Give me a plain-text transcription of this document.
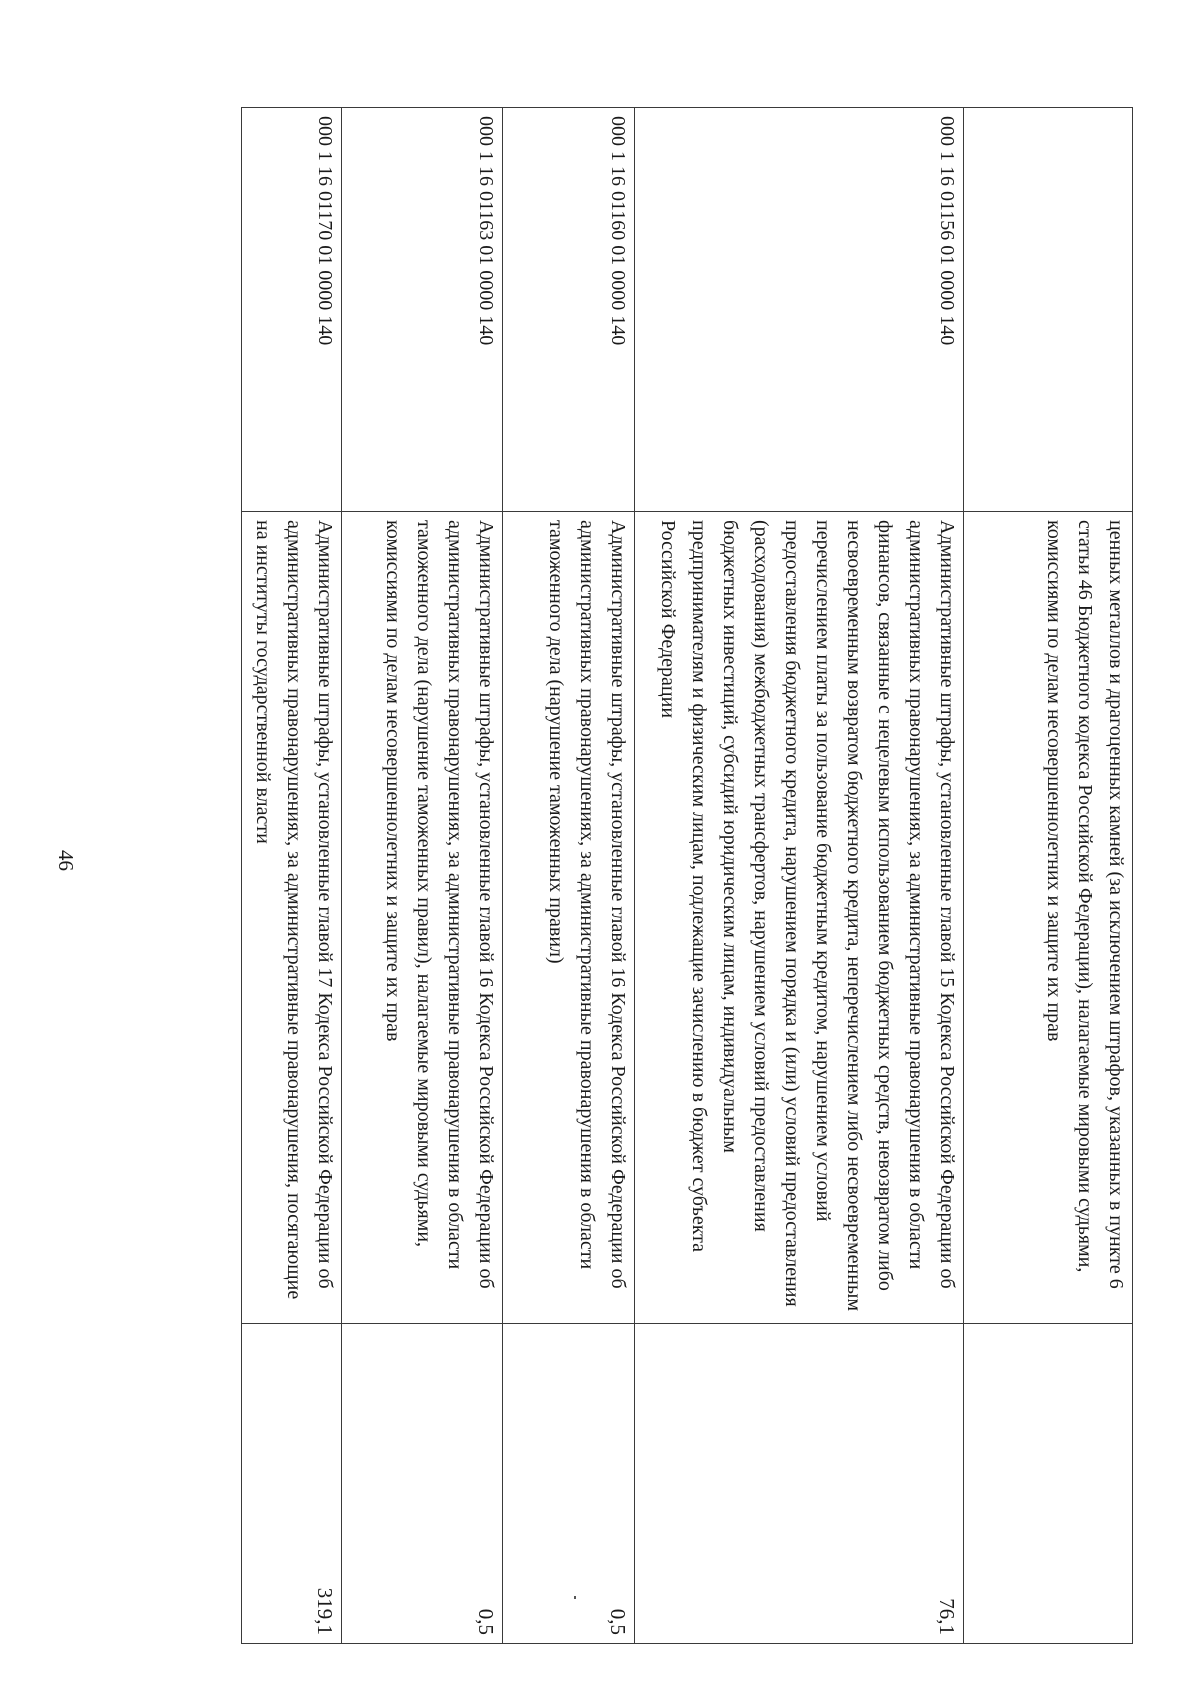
46
		ценных металлов и драгоценных камней (за исключением штрафов, указанных в пункте 6 статьи 46 Бюджетного кодекса Российской Федерации), налагаемые мировыми судьями, комиссиями по делам несовершеннолетних и защите их прав	
000 1 16 01156 01 0000 140	Административные штрафы, установленные главой 15 Кодекса Российской Федерации об административных правонарушениях, за административные правонарушения в области финансов, связанные с нецелевым использованием бюджетных средств, невозвратом либо несвоевременным возвратом бюджетного кредита, неперечислением либо несвоевременным перечислением платы за пользование бюджетным кредитом, нарушением условий предоставления бюджетного кредита, нарушением порядка и (или) условий предоставления (расходования) межбюджетных трансфертов, нарушением условий предоставления бюджетных инвестиций, субсидий юридическим лицам, индивидуальным предпринимателям и физическим лицам, подлежащие зачислению в бюджет субъекта Российской Федерации	76,1
000 1 16 01160 01 0000 140	Административные штрафы, установленные главой 16 Кодекса Российской Федерации об административных правонарушениях, за административные правонарушения в области таможенного дела (нарушение таможенных правил)	0,5
000 1 16 01163 01 0000 140	Административные штрафы, установленные главой 16 Кодекса Российской Федерации об административных правонарушениях, за административные правонарушения в области таможенного дела (нарушение таможенных правил), налагаемые мировыми судьями, комиссиями по делам несовершеннолетних и защите их прав	0,5
000 1 16 01170 01 0000 140	Административные штрафы, установленные главой 17 Кодекса Российской Федерации об административных правонарушениях, за административные правонарушения, посягающие на институты государственной власти	319,1
